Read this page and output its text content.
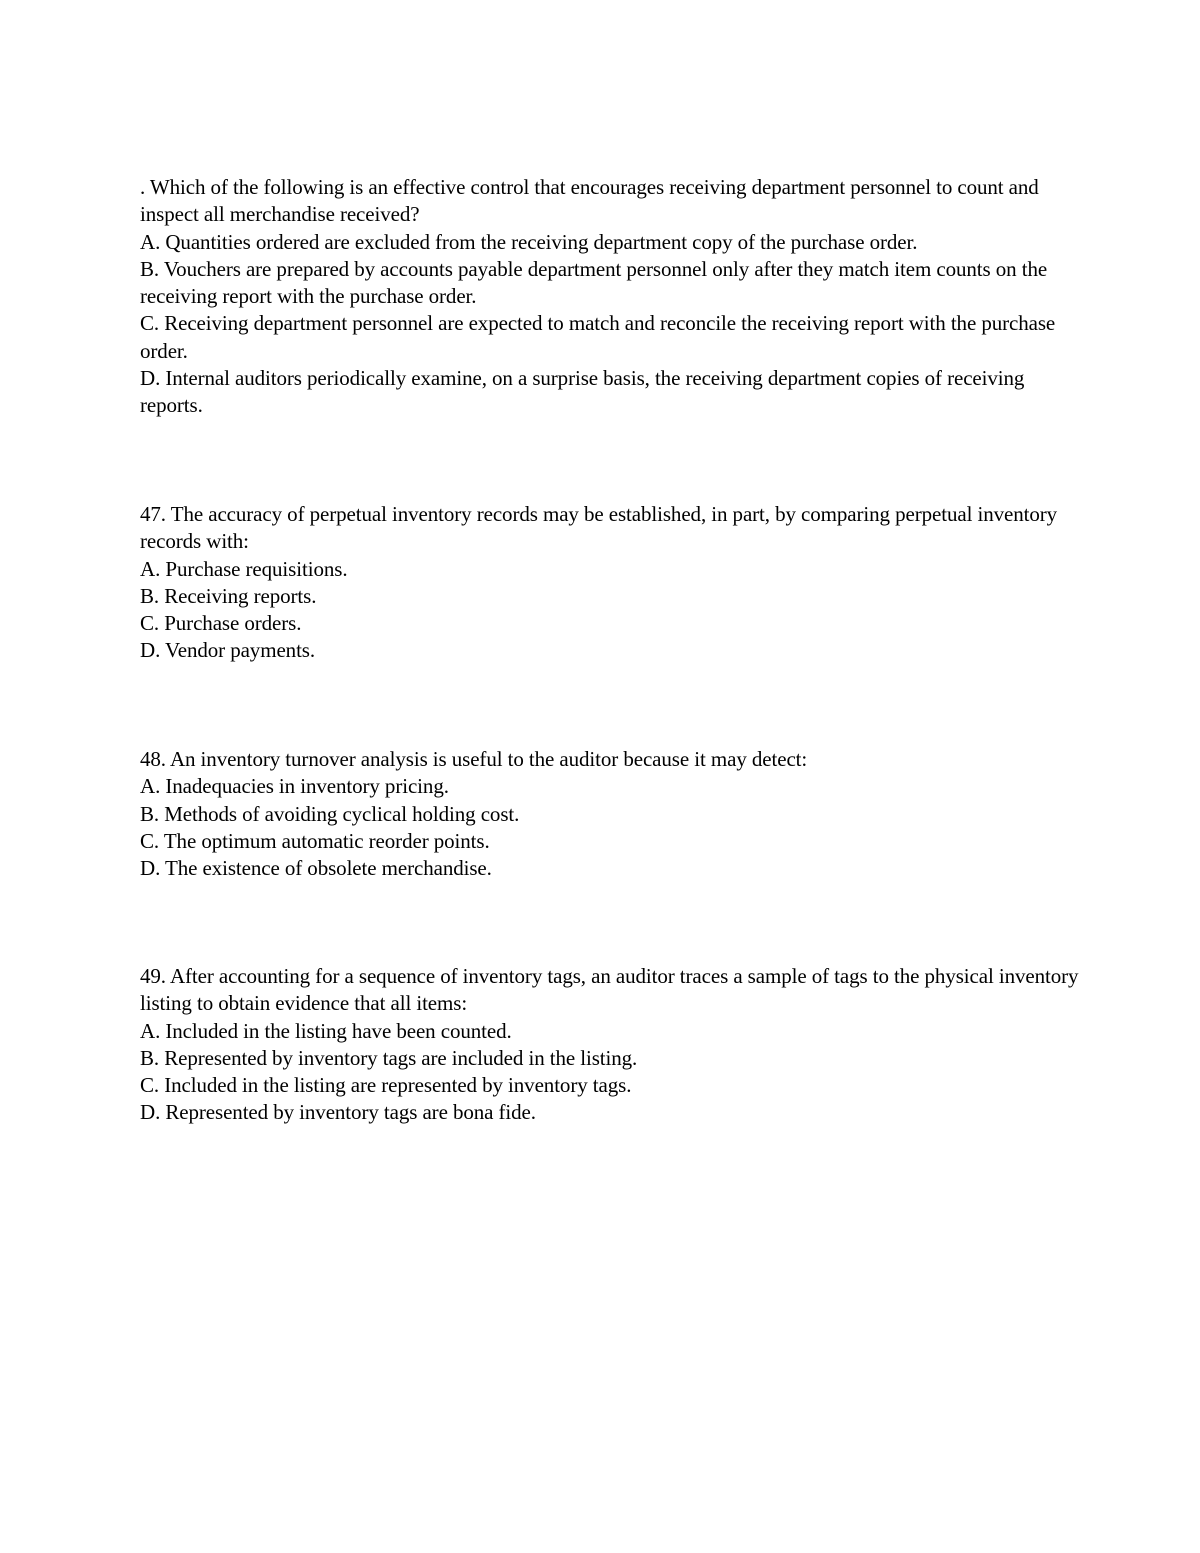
. Which of the following is an effective control that encourages receiving department personnel to count and inspect all merchandise received?

A. Quantities ordered are excluded from the receiving department copy of the purchase order.

B. Vouchers are prepared by accounts payable department personnel only after they match item counts on the receiving report with the purchase order.

C. Receiving department personnel are expected to match and reconcile the receiving report with the purchase order.

D. Internal auditors periodically examine, on a surprise basis, the receiving department copies of receiving reports.

47. The accuracy of perpetual inventory records may be established, in part, by comparing perpetual inventory records with:

A. Purchase requisitions.

B. Receiving reports.

C. Purchase orders.

D. Vendor payments.

48. An inventory turnover analysis is useful to the auditor because it may detect:

A. Inadequacies in inventory pricing.

B. Methods of avoiding cyclical holding cost.

C. The optimum automatic reorder points.

D. The existence of obsolete merchandise.

49. After accounting for a sequence of inventory tags, an auditor traces a sample of tags to the physical inventory listing to obtain evidence that all items:

A. Included in the listing have been counted.

B. Represented by inventory tags are included in the listing.

C. Included in the listing are represented by inventory tags.

D. Represented by inventory tags are bona fide.
